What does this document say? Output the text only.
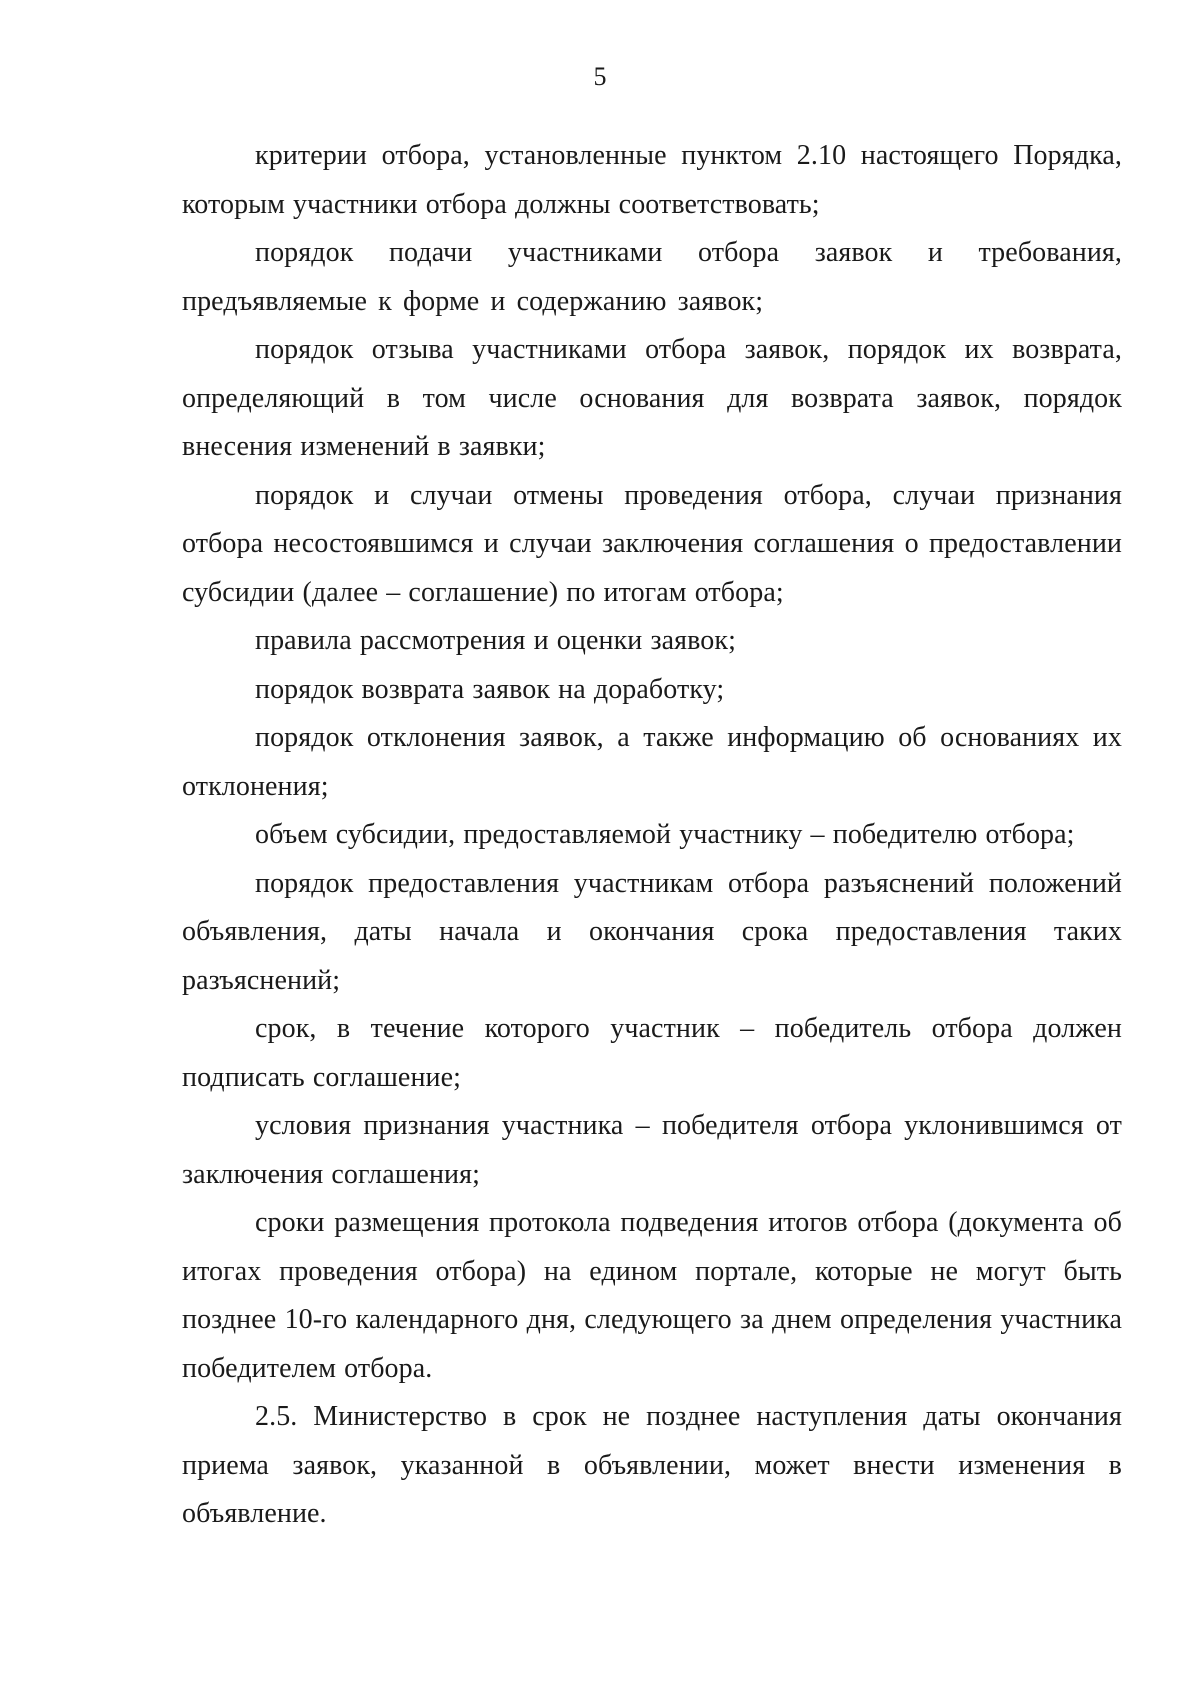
5

критерии отбора, установленные пунктом 2.10 настоящего Порядка, которым участники отбора должны соответствовать;

порядок подачи участниками отбора заявок и требования, предъявляемые к форме и содержанию заявок;

порядок отзыва участниками отбора заявок, порядок их возврата, определяющий в том числе основания для возврата заявок, порядок внесения изменений в заявки;

порядок и случаи отмены проведения отбора, случаи признания отбора несостоявшимся и случаи заключения соглашения о предоставлении субсидии (далее – соглашение) по итогам отбора;

правила рассмотрения и оценки заявок;

порядок возврата заявок на доработку;

порядок отклонения заявок, а также информацию об основаниях их отклонения;

объем субсидии, предоставляемой участнику – победителю отбора;

порядок предоставления участникам отбора разъяснений положений объявления, даты начала и окончания срока предоставления таких разъяснений;

срок, в течение которого участник – победитель отбора должен подписать соглашение;

условия признания участника – победителя отбора уклонившимся от заключения соглашения;

сроки размещения протокола подведения итогов отбора (документа об итогах проведения отбора) на едином портале, которые не могут быть позднее 10-го календарного дня, следующего за днем определения участника победителем отбора.

2.5. Министерство в срок не позднее наступления даты окончания приема заявок, указанной в объявлении, может внести изменения в объявление.
